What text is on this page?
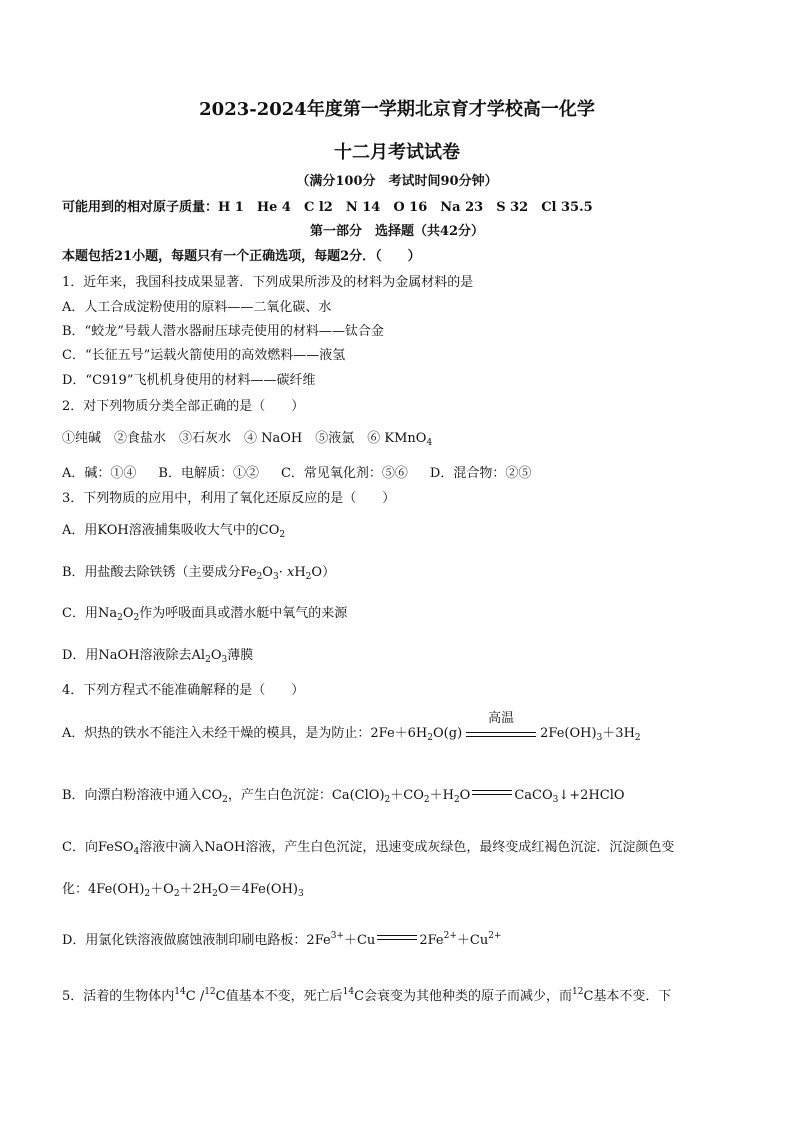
2023-2024年度第一学期北京育才学校高一化学
十二月考试试卷
（满分100分　考试时间90分钟）
可能用到的相对原子质量：H 1　He 4　C l2　N 14　O 16　Na 23　S 32　Cl 35.5
第一部分　选择题（共42分）
本题包括21小题，每题只有一个正确选项，每题2分．（　　）
1．近年来，我国科技成果显著．下列成果所涉及的材料为金属材料的是
A．人工合成淀粉使用的原料——二氧化碳、水
B．“蛟龙”号载人潜水器耐压球壳使用的材料——钛合金
C．“长征五号”运载火箭使用的高效燃料——液氢
D．“C919”飞机机身使用的材料——碳纤维
2．对下列物质分类全部正确的是（　　）
①纯碱　②食盐水　③石灰水　④ NaOH　⑤液氯　⑥ KMnO$_4$
A．碱：①④ B．电解质：①② C．常见氧化剂：⑤⑥ D．混合物：②⑤
3．下列物质的应用中，利用了氧化还原反应的是（　　）
A．用KOH溶液捕集吸收大气中的$CO_2$
B．用盐酸去除铁锈（主要成分$Fe_2O_3\cdot xH_2O$）
C．用$Na_2O_2$作为呼吸面具或潜水艇中氧气的来源
D．用NaOH溶液除去$Al_2O_3$薄膜
4．下列方程式不能准确解释的是（　　）
A．炽热的铁水不能注入未经干燥的模具，是为防止：$2Fe+6H_2O(g)$
高温
$2Fe(OH)_3+3H_2$
B．向漂白粉溶液中通入$CO_2$，产生白色沉淀：$Ca(ClO)_2+CO_2+H_2O$	CaCO$_3$↓+2HClO
C．向FeSO$_4$溶液中滴入NaOH溶液，产生白色沉淀，迅速变成灰绿色，最终变成红褐色沉淀．沉淀颜色变
化：$4Fe(OH)_2+O_2+2H_2O=4Fe(OH)_3$
D．用氯化铁溶液做腐蚀液制印刷电路板：$2Fe^{3+}+Cu$	$2Fe^{2+}+Cu^{2+}$
5．活着的生物体内$^{14}$C /$^{12}$C值基本不变，死亡后$^{14}$C会衰变为其他种类的原子而减少，而$^{12}$C基本不变．下
